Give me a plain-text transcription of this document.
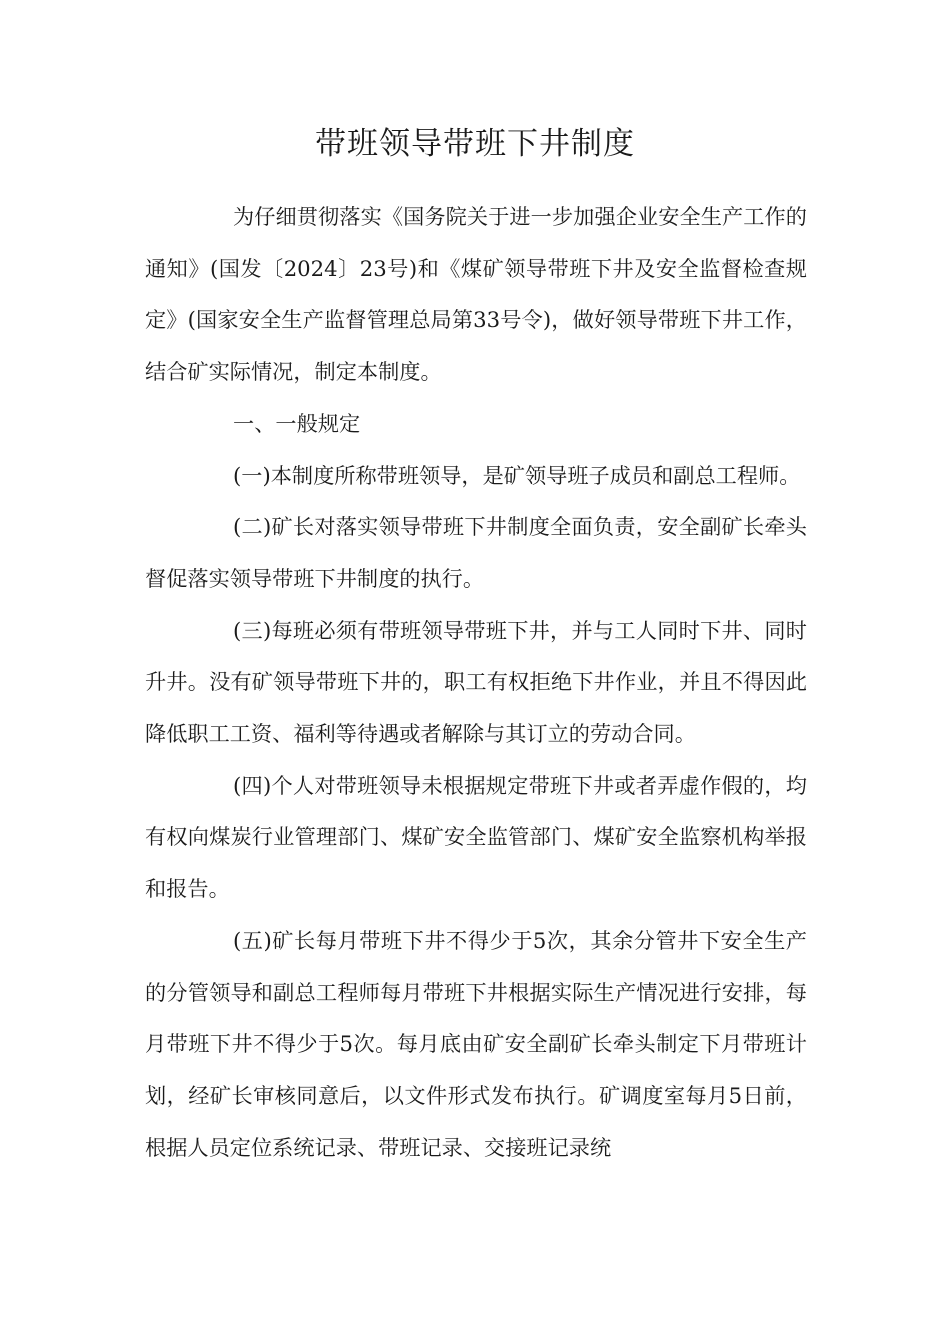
带班领导带班下井制度

为仔细贯彻落实《国务院关于进一步加强企业安全生产工作的通知》(国发〔2024〕23号)和《煤矿领导带班下井及安全监督检查规定》(国家安全生产监督管理总局第33号令)，做好领导带班下井工作，结合矿实际情况，制定本制度。

一、一般规定

(一)本制度所称带班领导，是矿领导班子成员和副总工程师。

(二)矿长对落实领导带班下井制度全面负责，安全副矿长牵头督促落实领导带班下井制度的执行。

(三)每班必须有带班领导带班下井，并与工人同时下井、同时升井。没有矿领导带班下井的，职工有权拒绝下井作业，并且不得因此降低职工工资、福利等待遇或者解除与其订立的劳动合同。

(四)个人对带班领导未根据规定带班下井或者弄虚作假的，均有权向煤炭行业管理部门、煤矿安全监管部门、煤矿安全监察机构举报和报告。

(五)矿长每月带班下井不得少于5次，其余分管井下安全生产的分管领导和副总工程师每月带班下井根据实际生产情况进行安排，每月带班下井不得少于5次。每月底由矿安全副矿长牵头制定下月带班计划，经矿长审核同意后，以文件形式发布执行。矿调度室每月5日前，根据人员定位系统记录、带班记录、交接班记录统
